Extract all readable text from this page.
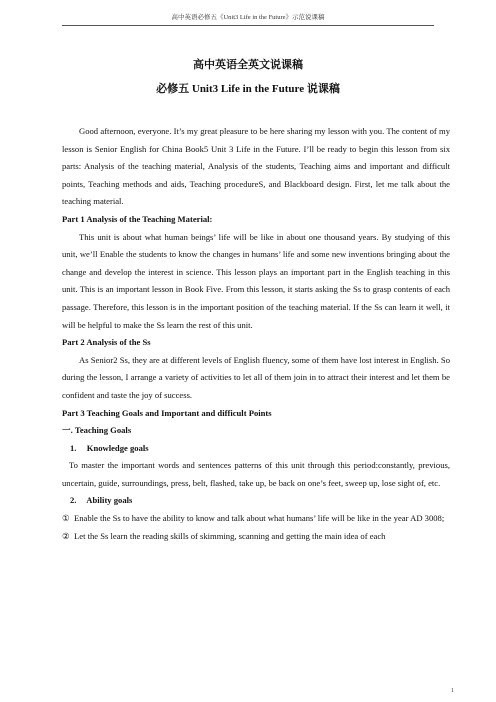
高中英语必修五《Unit3 Life in the Future》示范说课稿
高中英语全英文说课稿
必修五 Unit3 Life in the Future 说课稿

Good afternoon, everyone. It’s my great pleasure to be here sharing my lesson with you. The content of my lesson is Senior English for China Book5 Unit 3 Life in the Future. I’ll be ready to begin this lesson from six parts: Analysis of the teaching material, Analysis of the students, Teaching aims and important and difficult points, Teaching methods and aids, Teaching procedureS, and Blackboard design. First, let me talk about the teaching material.

Part 1 Analysis of the Teaching Material:

This unit is about what human beings’ life will be like in about one thousand years. By studying of this unit, we’ll Enable the students to know the changes in humans’ life and some new inventions bringing about the change and develop the interest in science. This lesson plays an important part in the English teaching in this unit. This is an important lesson in Book Five. From this lesson, it starts asking the Ss to grasp contents of each passage. Therefore, this lesson is in the important position of the teaching material. If the Ss can learn it well, it will be helpful to make the Ss learn the rest of this unit.

Part 2 Analysis of the Ss

As Senior2 Ss, they are at different levels of English fluency, some of them have lost interest in English. So during the lesson, I arrange a variety of activities to let all of them join in to attract their interest and let them be confident and taste the joy of success.

Part 3 Teaching Goals and Important and difficult Points

一. Teaching Goals

1. Knowledge goals

To master the important words and sentences patterns of this unit through this period:constantly, previous, uncertain, guide, surroundings, press, belt, flashed, take up, be back on one’s feet, sweep up, lose sight of, etc.

2. Ability goals

① Enable the Ss to have the ability to know and talk about what humans’ life will be like in the year AD 3008;
② Let the Ss learn the reading skills of skimming, scanning and getting the main idea of each
1
